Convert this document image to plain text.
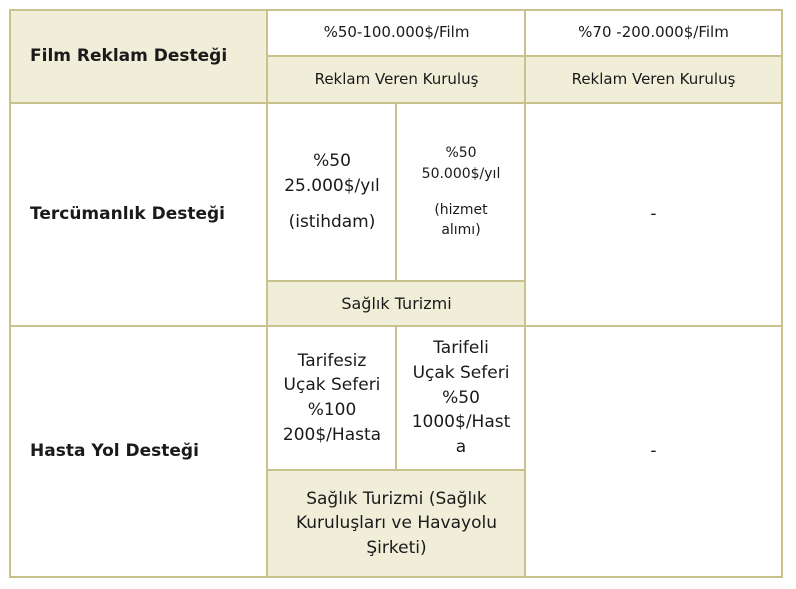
Film Reklam Desteği
%50-100.000$/Film	%70 -200.000$/Film
Reklam Veren Kuruluş	Reklam Veren Kuruluş
Tercümanlık Desteği
%50
25.000$/yıl
(istihdam)
%50
50.000$/yıl
(hizmet
alımı)
Sağlık Turizmi
-
Hasta Yol Desteği
Tarifesiz
Uçak Seferi
%100
200$/Hasta
Tarifeli
Uçak Seferi
%50
1000$/Hast
a
Sağlık Turizmi (Sağlık
Kuruluşları ve Havayolu
Şirketi)
-
